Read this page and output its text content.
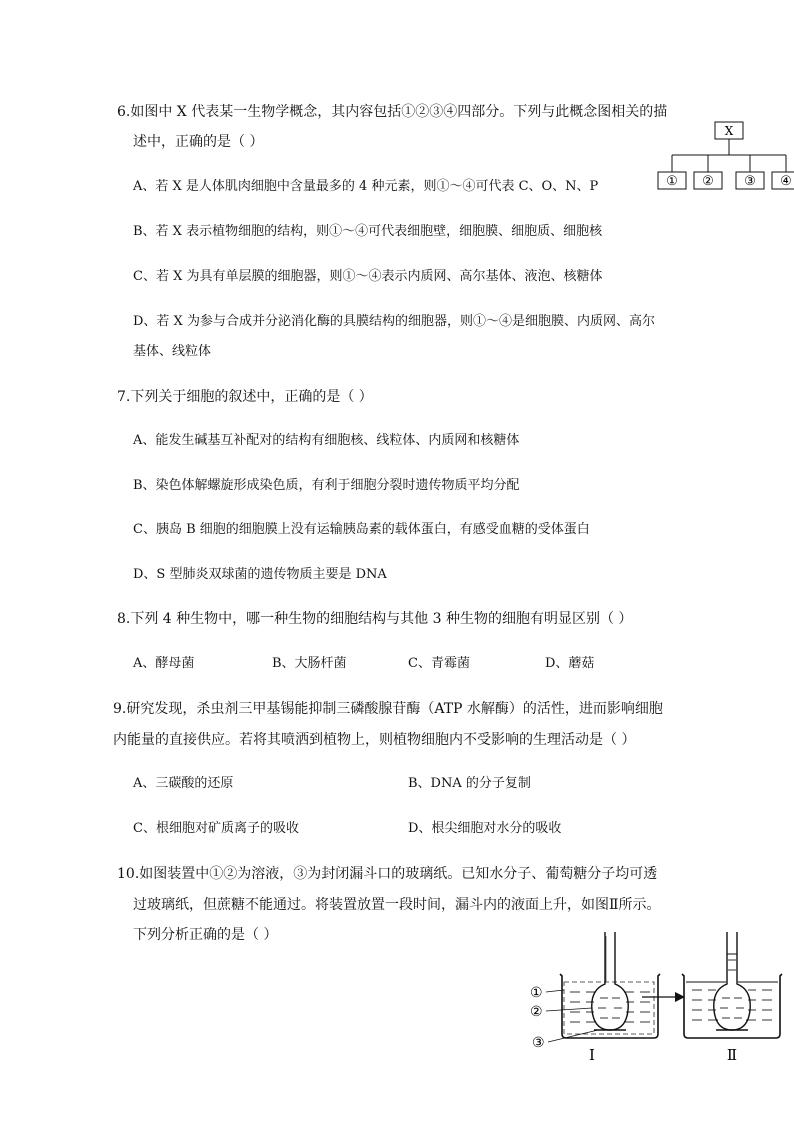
6.如图中 X 代表某一生物学概念，其内容包括①②③④四部分。下列与此概念图相关的描
述中，正确的是（ ）
X
① ② ③ ④
A、若 X 是人体肌肉细胞中含量最多的 4 种元素，则①～④可代表 C、O、N、P
B、若 X 表示植物细胞的结构，则①～④可代表细胞壁，细胞膜、细胞质、细胞核
C、若 X 为具有单层膜的细胞器，则①～④表示内质网、高尔基体、液泡、核糖体
D、若 X 为参与合成并分泌消化酶的具膜结构的细胞器，则①～④是细胞膜、内质网、高尔
基体、线粒体
7.下列关于细胞的叙述中，正确的是（ ）
A、能发生碱基互补配对的结构有细胞核、线粒体、内质网和核糖体
B、染色体解螺旋形成染色质，有利于细胞分裂时遗传物质平均分配
C、胰岛 B 细胞的细胞膜上没有运输胰岛素的载体蛋白，有感受血糖的受体蛋白
D、S 型肺炎双球菌的遗传物质主要是 DNA
8.下列 4 种生物中，哪一种生物的细胞结构与其他 3 种生物的细胞有明显区别（ ）
A、酵母菌	B、大肠杆菌	C、青霉菌	D、蘑菇
9.研究发现，杀虫剂三甲基锡能抑制三磷酸腺苷酶（ATP 水解酶）的活性，进而影响细胞
内能量的直接供应。若将其喷洒到植物上，则植物细胞内不受影响的生理活动是（ ）
A、三碳酸的还原	B、DNA 的分子复制
C、根细胞对矿质离子的吸收	D、根尖细胞对水分的吸收
10.如图装置中①②为溶液，③为封闭漏斗口的玻璃纸。已知水分子、葡萄糖分子均可透
过玻璃纸，但蔗糖不能通过。将装置放置一段时间，漏斗内的液面上升，如图Ⅱ所示。
下列分析正确的是（ ）
①
②
③
Ⅰ	Ⅱ
